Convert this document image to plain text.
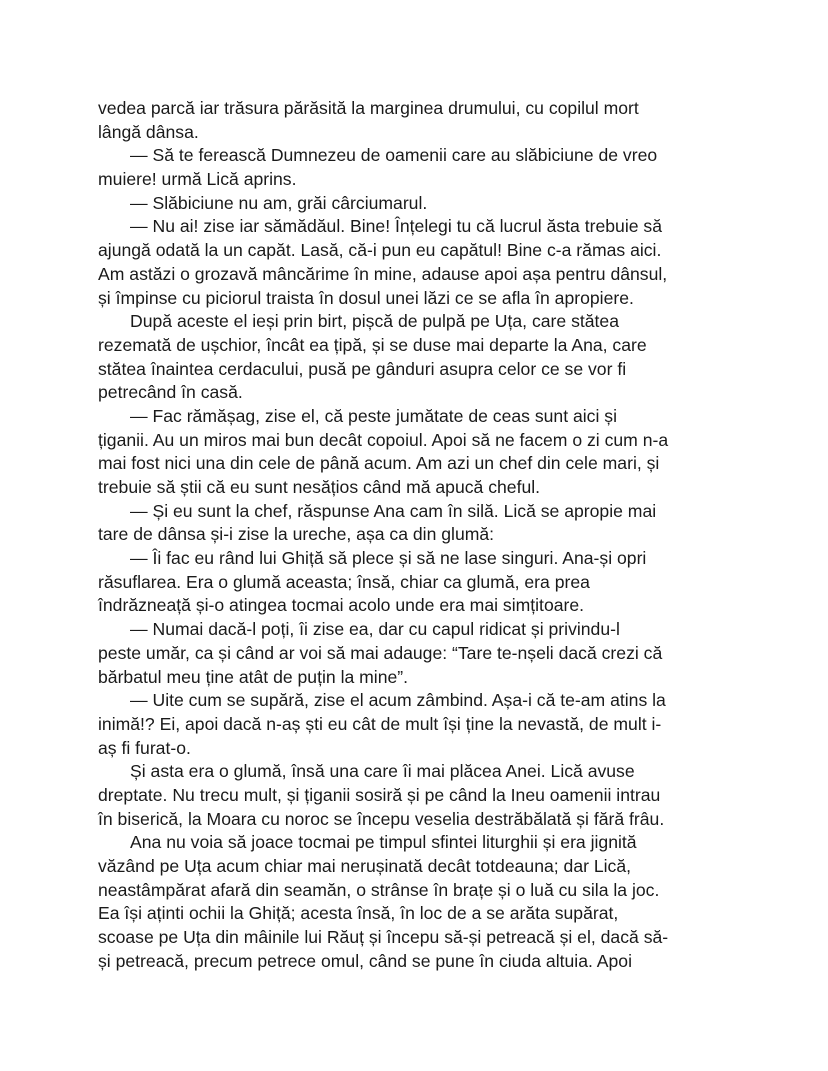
vedea parcă iar trăsura părăsită la marginea drumului, cu copilul mort
lângă dânsa.
— Să te ferească Dumnezeu de oamenii care au slăbiciune de vreo
muiere! urmă Lică aprins.
— Slăbiciune nu am, grăi cârciumarul.
— Nu ai! zise iar sămădăul. Bine! Înțelegi tu că lucrul ăsta trebuie să
ajungă odată la un capăt. Lasă, că-i pun eu capătul! Bine c-a rămas aici.
Am astăzi o grozavă mâncărime în mine, adause apoi așa pentru dânsul,
și împinse cu piciorul traista în dosul unei lăzi ce se afla în apropiere.
După aceste el ieși prin birt, pișcă de pulpă pe Uța, care stătea
rezemată de ușchior, încât ea țipă, și se duse mai departe la Ana, care
stătea înaintea cerdacului, pusă pe gânduri asupra celor ce se vor fi
petrecând în casă.
— Fac rămășag, zise el, că peste jumătate de ceas sunt aici și
țiganii. Au un miros mai bun decât copoiul. Apoi să ne facem o zi cum n-a
mai fost nici una din cele de până acum. Am azi un chef din cele mari, și
trebuie să știi că eu sunt nesățios când mă apucă cheful.
— Și eu sunt la chef, răspunse Ana cam în silă. Lică se apropie mai
tare de dânsa și-i zise la ureche, așa ca din glumă:
— Îi fac eu rând lui Ghiță să plece și să ne lase singuri. Ana-și opri
răsuflarea. Era o glumă aceasta; însă, chiar ca glumă, era prea
îndrăzneață și-o atingea tocmai acolo unde era mai simțitoare.
— Numai dacă-l poți, îi zise ea, dar cu capul ridicat și privindu-l
peste umăr, ca și când ar voi să mai adauge: “Tare te-nșeli dacă crezi că
bărbatul meu ține atât de puțin la mine”.
— Uite cum se supără, zise el acum zâmbind. Așa-i că te-am atins la
inimă!? Ei, apoi dacă n-aș ști eu cât de mult își ține la nevastă, de mult i-
aș fi furat-o.
Și asta era o glumă, însă una care îi mai plăcea Anei. Lică avuse
dreptate. Nu trecu mult, și țiganii sosiră și pe când la Ineu oamenii intrau
în biserică, la Moara cu noroc se începu veselia destrăbălată și fără frâu.
Ana nu voia să joace tocmai pe timpul sfintei liturghii și era jignită
văzând pe Uța acum chiar mai nerușinată decât totdeauna; dar Lică,
neastâmpărat afară din seamăn, o strânse în brațe și o luă cu sila la joc.
Ea își aținti ochii la Ghiță; acesta însă, în loc de a se arăta supărat,
scoase pe Uța din mâinile lui Răuț și începu să-și petreacă și el, dacă să-
și petreacă, precum petrece omul, când se pune în ciuda altuia. Apoi
